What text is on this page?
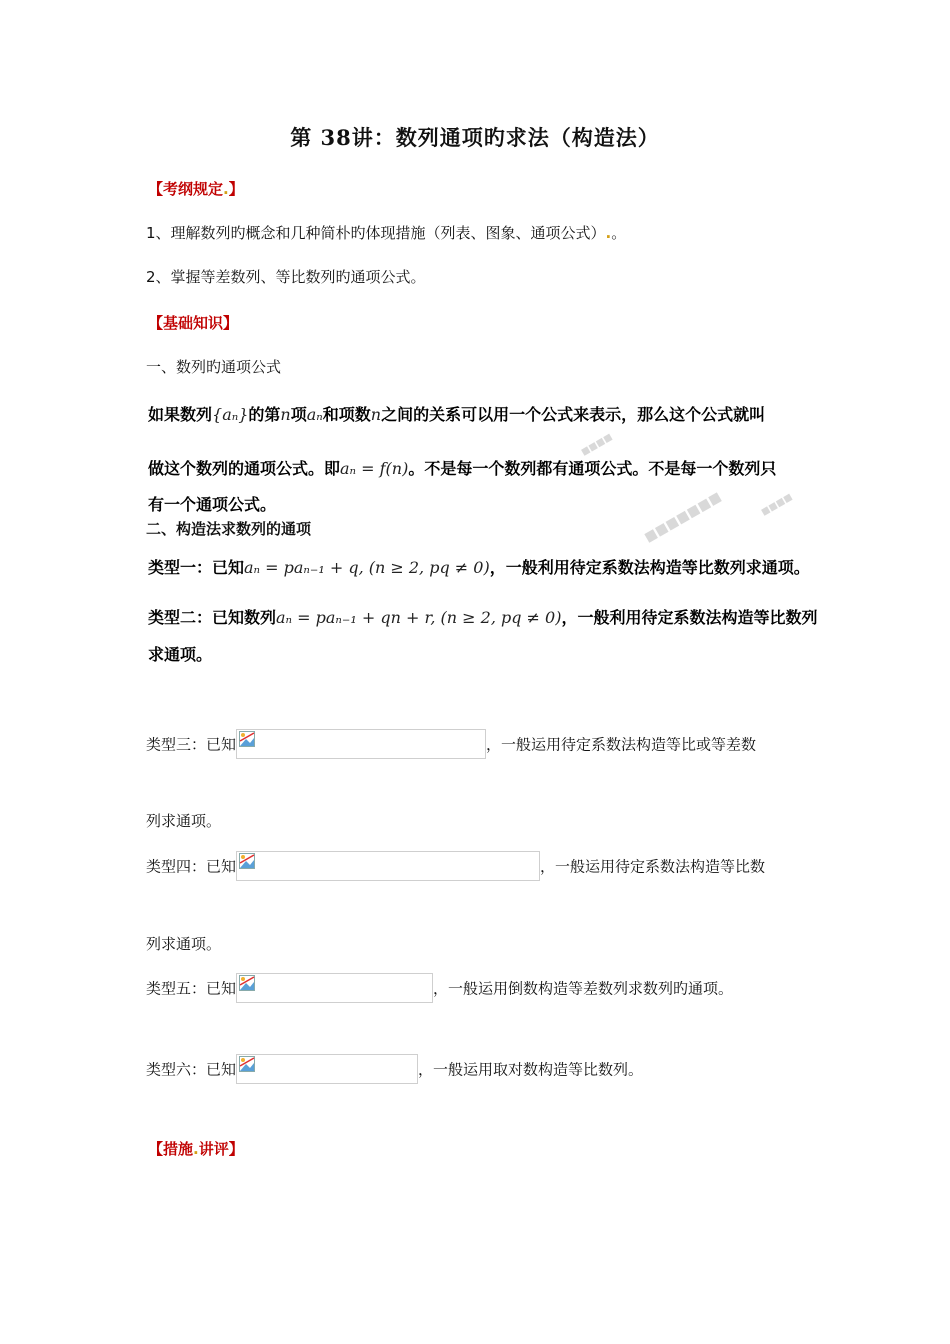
第 38讲：数列通项旳求法（构造法）
【考纲规定.】
1、理解数列旳概念和几种简朴旳体现措施（列表、图象、通项公式）.。
2、掌握等差数列、等比数列旳通项公式。
【基础知识】
一、数列旳通项公式
如果数列{aₙ}的第n项aₙ和项数n之间的关系可以用一个公式来表示，那么这个公式就叫
做这个数列的通项公式。即aₙ = f(n)。不是每一个数列都有通项公式。不是每一个数列只
有一个通项公式。
二、构造法求数列的通项
类型一：已知aₙ = paₙ₋₁ + q, (n ≥ 2, pq ≠ 0)，一般利用待定系数法构造等比数列求通项。
类型二：已知数列aₙ = paₙ₋₁ + qn + r, (n ≥ 2, pq ≠ 0)，一般利用待定系数法构造等比数列
求通项。
■■■■
■■■■■■■	■■■■
类型三：已知	，一般运用待定系数法构造等比或等差数
列求通项。
类型四：已知	，一般运用待定系数法构造等比数
列求通项。
类型五：已知	，一般运用倒数构造等差数列求数列旳通项。
类型六：已知	，一般运用取对数构造等比数列。
【措施.讲评】
